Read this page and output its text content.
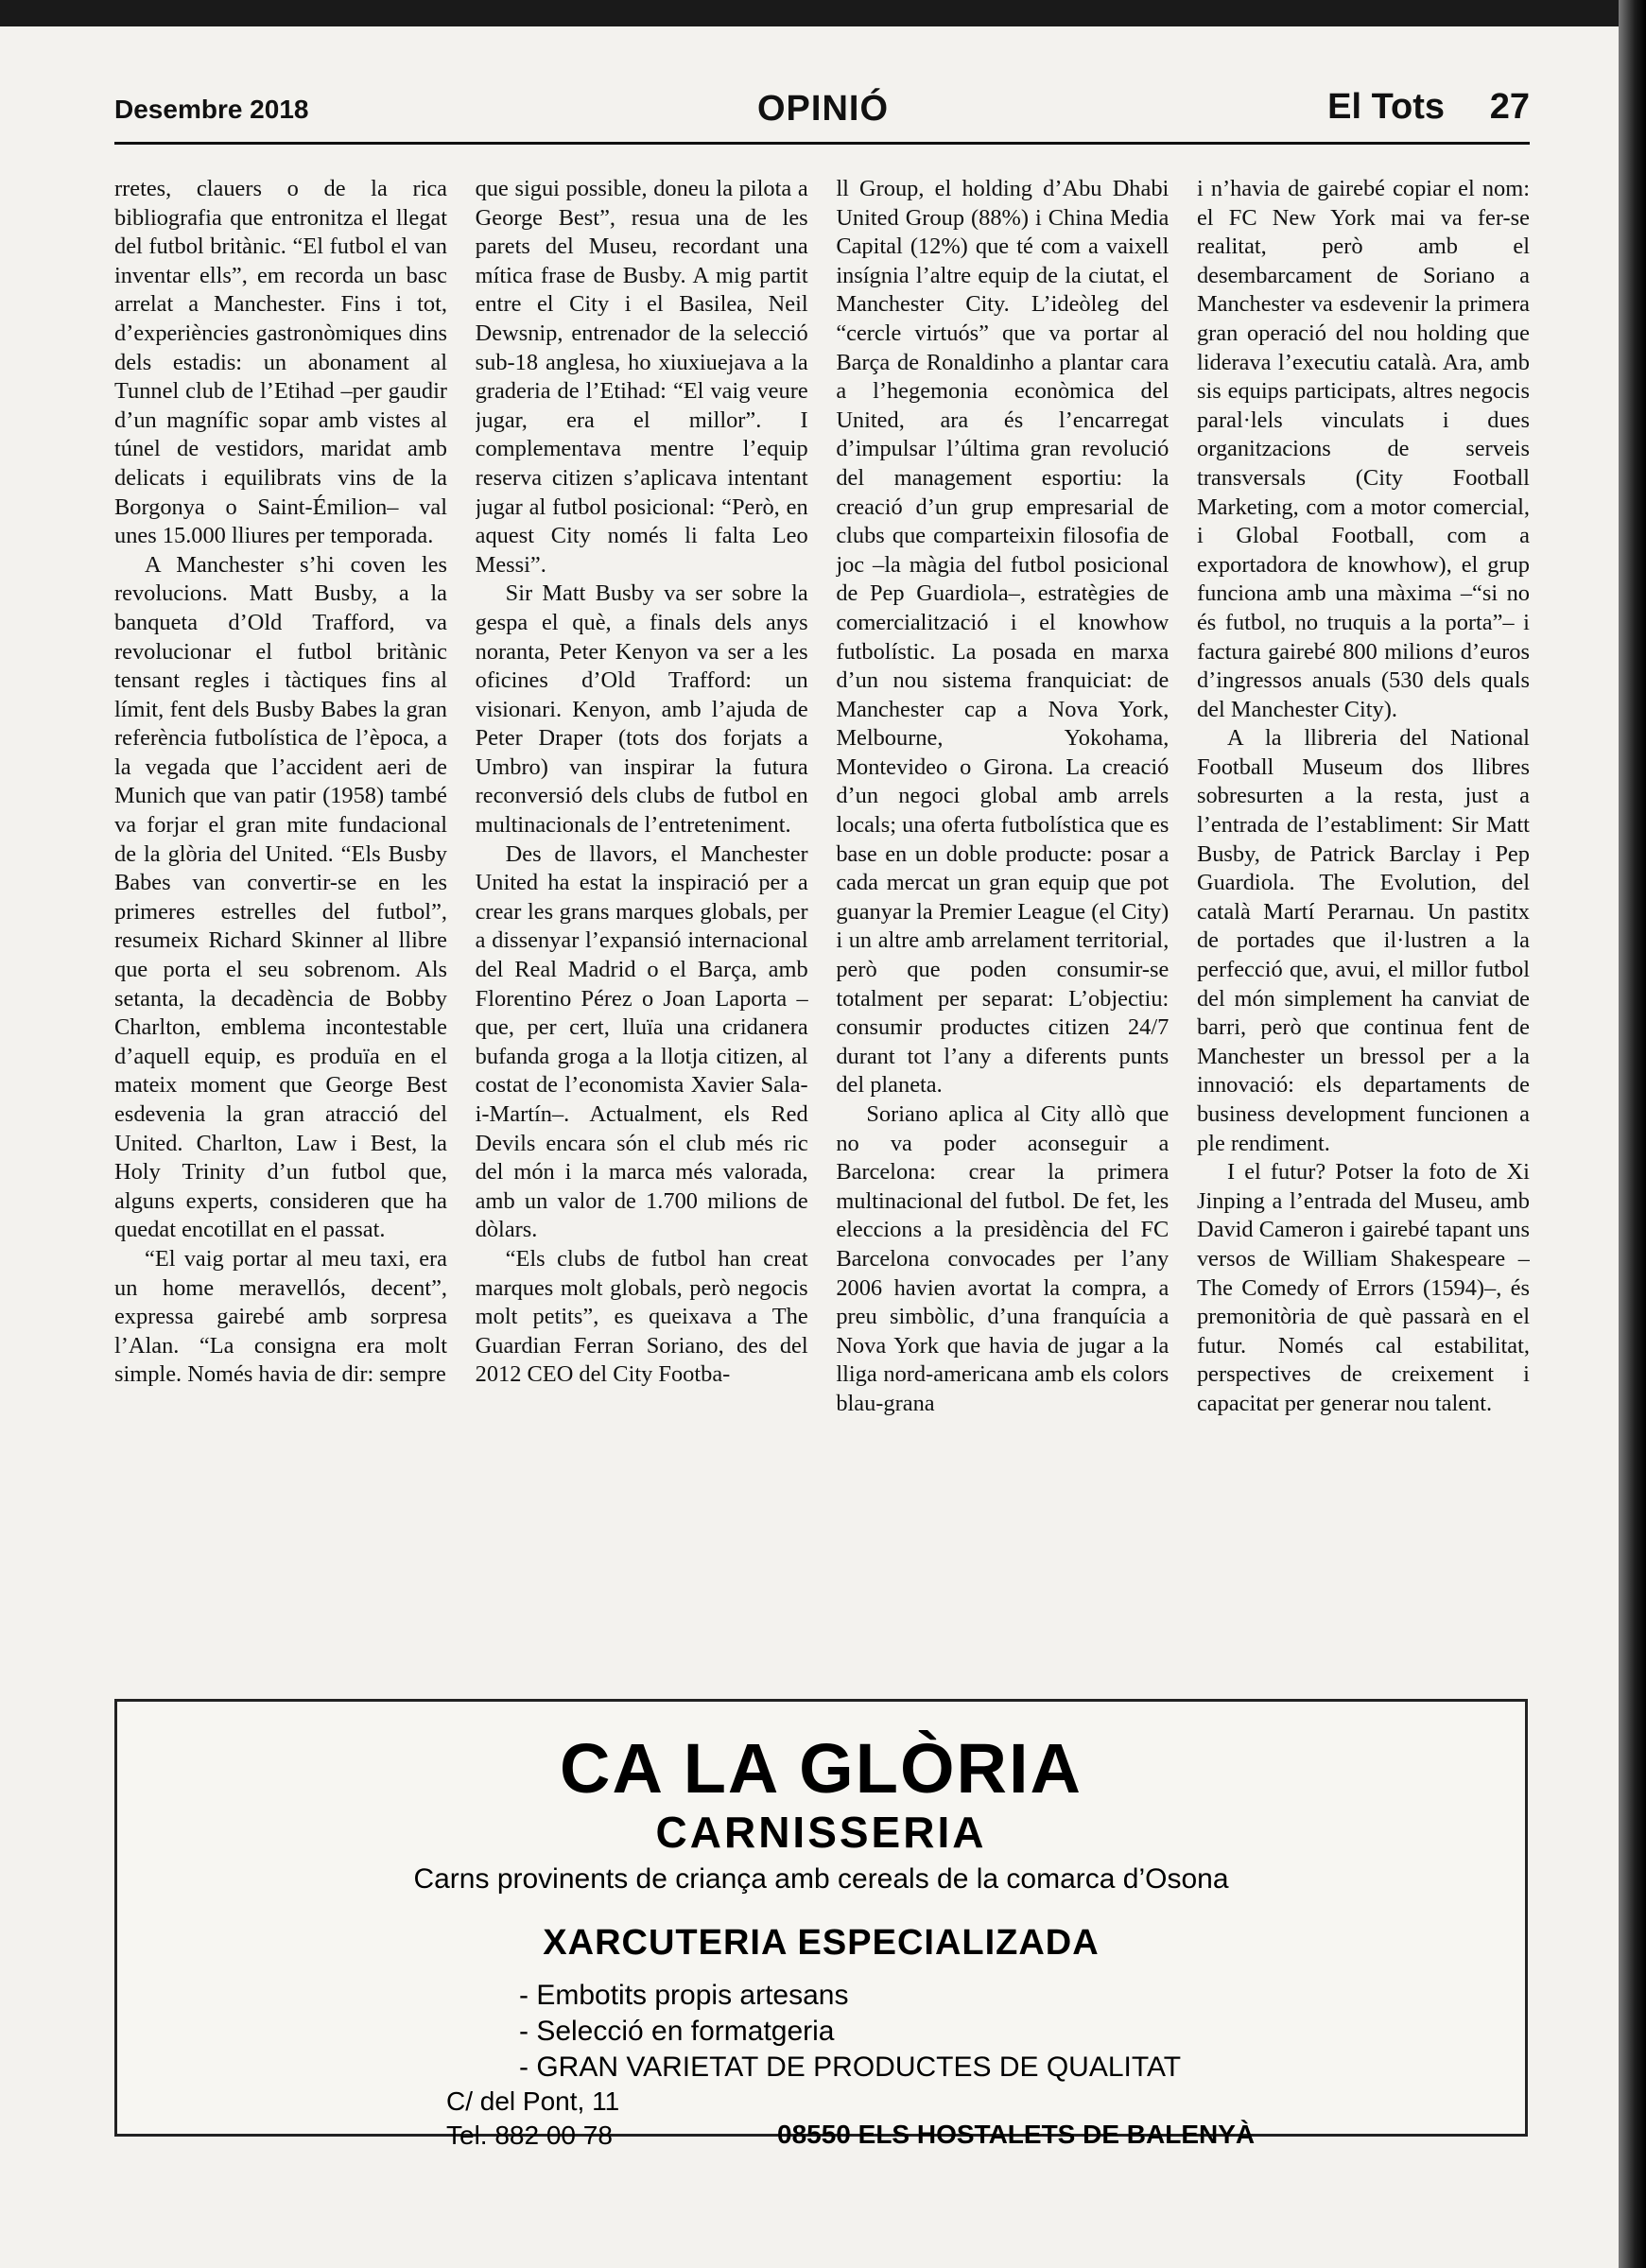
Desembre 2018	OPINIÓ	El Tots 27

rretes, clauers o de la rica bibliografia que entronitza el llegat del futbol britànic. “El futbol el van inventar ells”, em recorda un basc arrelat a Manchester. Fins i tot, d’experiències gastronòmiques dins dels estadis: un abonament al Tunnel club de l’Etihad –per gaudir d’un magnífic sopar amb vistes al túnel de vestidors, maridat amb delicats i equilibrats vins de la Borgonya o Saint-Émilion– val unes 15.000 lliures per temporada.

A Manchester s’hi coven les revolucions. Matt Busby, a la banqueta d’Old Trafford, va revolucionar el futbol britànic tensant regles i tàctiques fins al límit, fent dels Busby Babes la gran referència futbolística de l’època, a la vegada que l’accident aeri de Munich que van patir (1958) també va forjar el gran mite fundacional de la glòria del United. “Els Busby Babes van convertir-se en les primeres estrelles del futbol”, resumeix Richard Skinner al llibre que porta el seu sobrenom. Als setanta, la decadència de Bobby Charlton, emblema incontestable d’aquell equip, es produïa en el mateix moment que George Best esdevenia la gran atracció del United. Charlton, Law i Best, la Holy Trinity d’un futbol que, alguns experts, consideren que ha quedat encotillat en el passat.

“El vaig portar al meu taxi, era un home meravellós, decent”, expressa gairebé amb sorpresa l’Alan. “La consigna era molt simple. Només havia de dir: sempre

que sigui possible, doneu la pilota a George Best”, resua una de les parets del Museu, recordant una mítica frase de Busby. A mig partit entre el City i el Basilea, Neil Dewsnip, entrenador de la selecció sub-18 anglesa, ho xiuxiuejava a la graderia de l’Etihad: “El vaig veure jugar, era el millor”. I complementava mentre l’equip reserva citizen s’aplicava intentant jugar al futbol posicional: “Però, en aquest City només li falta Leo Messi”.

Sir Matt Busby va ser sobre la gespa el què, a finals dels anys noranta, Peter Kenyon va ser a les oficines d’Old Trafford: un visionari. Kenyon, amb l’ajuda de Peter Draper (tots dos forjats a Umbro) van inspirar la futura reconversió dels clubs de futbol en multinacionals de l’entreteniment.

Des de llavors, el Manchester United ha estat la inspiració per a crear les grans marques globals, per a dissenyar l’expansió internacional del Real Madrid o el Barça, amb Florentino Pérez o Joan Laporta –que, per cert, lluïa una cridanera bufanda groga a la llotja citizen, al costat de l’economista Xavier Sala-i-Martín–. Actualment, els Red Devils encara són el club més ric del món i la marca més valorada, amb un valor de 1.700 milions de dòlars.

“Els clubs de futbol han creat marques molt globals, però negocis molt petits”, es queixava a The Guardian Ferran Soriano, des del 2012 CEO del City Footba-

ll Group, el holding d’Abu Dhabi United Group (88%) i China Media Capital (12%) que té com a vaixell insígnia l’altre equip de la ciutat, el Manchester City. L’ideòleg del “cercle virtuós” que va portar al Barça de Ronaldinho a plantar cara a l’hegemonia econòmica del United, ara és l’encarregat d’impulsar l’última gran revolució del management esportiu: la creació d’un grup empresarial de clubs que comparteixin filosofia de joc –la màgia del futbol posicional de Pep Guardiola–, estratègies de comercialització i el knowhow futbolístic. La posada en marxa d’un nou sistema franquiciat: de Manchester cap a Nova York, Melbourne, Yokohama, Montevideo o Girona. La creació d’un negoci global amb arrels locals; una oferta futbolística que es base en un doble producte: posar a cada mercat un gran equip que pot guanyar la Premier League (el City) i un altre amb arrelament territorial, però que poden consumir-se totalment per separat: L’objectiu: consumir productes citizen 24/7 durant tot l’any a diferents punts del planeta.

Soriano aplica al City allò que no va poder aconseguir a Barcelona: crear la primera multinacional del futbol. De fet, les eleccions a la presidència del FC Barcelona convocades per l’any 2006 havien avortat la compra, a preu simbòlic, d’una franquícia a Nova York que havia de jugar a la lliga nord-americana amb els colors blau-grana

i n’havia de gairebé copiar el nom: el FC New York mai va fer-se realitat, però amb el desembarcament de Soriano a Manchester va esdevenir la primera gran operació del nou holding que liderava l’executiu català. Ara, amb sis equips participats, altres negocis paral·lels vinculats i dues organitzacions de serveis transversals (City Football Marketing, com a motor comercial, i Global Football, com a exportadora de knowhow), el grup funciona amb una màxima –“si no és futbol, no truquis a la porta”– i factura gairebé 800 milions d’euros d’ingressos anuals (530 dels quals del Manchester City).

A la llibreria del National Football Museum dos llibres sobresurten a la resta, just a l’entrada de l’establiment: Sir Matt Busby, de Patrick Barclay i Pep Guardiola. The Evolution, del català Martí Perarnau. Un pastitx de portades que il·lustren a la perfecció que, avui, el millor futbol del món simplement ha canviat de barri, però que continua fent de Manchester un bressol per a la innovació: els departaments de business development funcionen a ple rendiment.

I el futur? Potser la foto de Xi Jinping a l’entrada del Museu, amb David Cameron i gairebé tapant uns versos de William Shakespeare –The Comedy of Errors (1594)–, és premonitòria de què passarà en el futur. Només cal estabilitat, perspectives de creixement i capacitat per generar nou talent.

CA LA GLÒRIA
CARNISSERIA
Carns provinents de criança amb cereals de la comarca d’Osona
XARCUTERIA ESPECIALIZADA
- Embotits propis artesans
- Selecció en formatgeria
- GRAN VARIETAT DE PRODUCTES DE QUALITAT
C/ del Pont, 11
Tel. 882 00 78	08550 ELS HOSTALETS DE BALENYÀ
